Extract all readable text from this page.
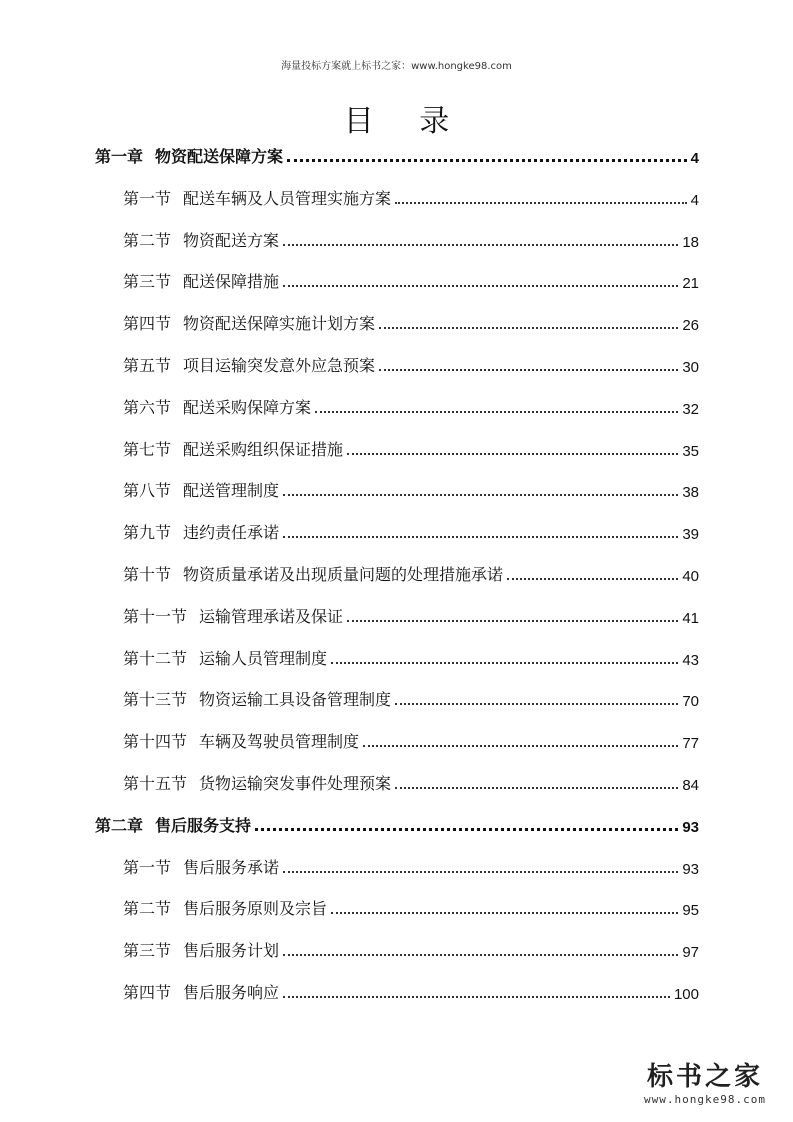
海量投标方案就上标书之家：www.hongke98.com
目 录
第一章 物资配送保障方案	4
第一节 配送车辆及人员管理实施方案	4
第二节 物资配送方案	18
第三节 配送保障措施	21
第四节 物资配送保障实施计划方案	26
第五节 项目运输突发意外应急预案	30
第六节 配送采购保障方案	32
第七节 配送采购组织保证措施	35
第八节 配送管理制度	38
第九节 违约责任承诺	39
第十节 物资质量承诺及出现质量问题的处理措施承诺	40
第十一节 运输管理承诺及保证	41
第十二节 运输人员管理制度	43
第十三节 物资运输工具设备管理制度	70
第十四节 车辆及驾驶员管理制度	77
第十五节 货物运输突发事件处理预案	84
第二章 售后服务支持	93
第一节 售后服务承诺	93
第二节 售后服务原则及宗旨	95
第三节 售后服务计划	97
第四节 售后服务响应	100
标书之家
www.hongke98.com
